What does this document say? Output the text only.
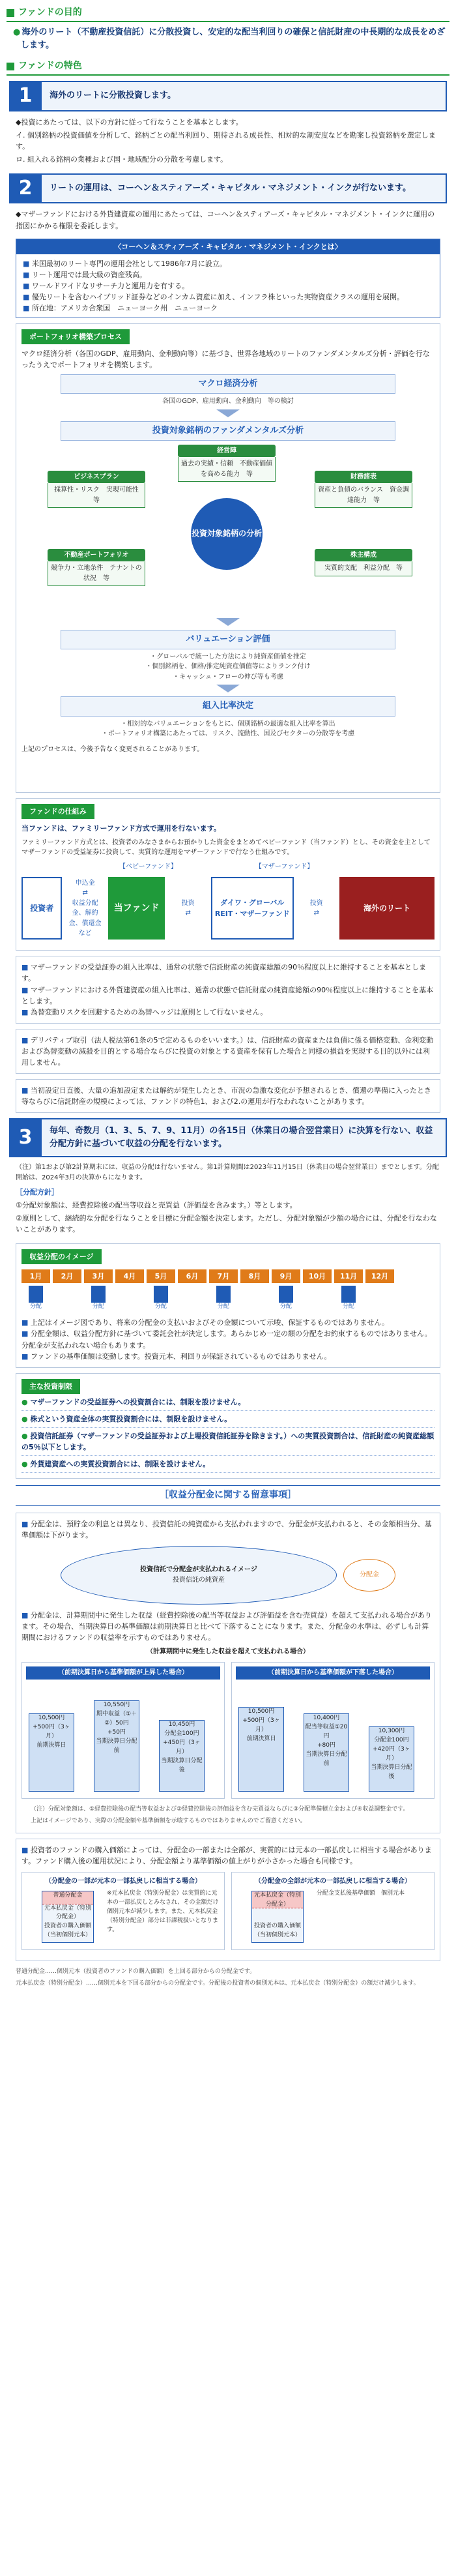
ファンドの目的
● 海外のリート（不動産投資信託）に分散投資し、安定的な配当利回りの確保と信託財産の中長期的な成長をめざします。
ファンドの特色
1	海外のリートに分散投資します。

◆投資にあたっては、以下の方針に従って行なうことを基本とします。

イ. 個別銘柄の投資価値を分析して、銘柄ごとの配当利回り、期待される成長性、相対的な割安度などを勘案し投資銘柄を選定します。

ロ. 組入れる銘柄の業種および国・地域配分の分散を考慮します。

2	リートの運用は、コーヘン＆スティアーズ・キャピタル・マネジメント・インクが行ないます。

◆マザーファンドにおける外貨建資産の運用にあたっては、コーヘン＆スティアーズ・キャピタル・マネジメント・インクに運用の指図にかかる権限を委託します。

〈コーヘン＆スティアーズ・キャピタル・マネジメント・インクとは〉

■ 米国最初のリート専門の運用会社として1986年7月に設立。

■ リート運用では最大級の資産残高。

■ ワールドワイドなリサーチ力と運用力を有する。

■ 優先リートを含むハイブリッド証券などのインカム資産に加え、インフラ株といった実物資産クラスの運用を展開。

■ 所在地：アメリカ合衆国　ニューヨーク州　ニューヨーク

ポートフォリオ構築プロセス

マクロ経済分析（各国のGDP、雇用動向、金利動向等）に基づき、世界各地域のリートのファンダメンタルズ分析・評価を行なったうえでポートフォリオを構築します。

マクロ経済分析
各国のGDP、雇用動向、金利動向　等の検討
投資対象銘柄のファンダメンタルズ分析
投資対象銘柄の分析
経営陣
過去の実績・信頼　不動産価値を高める能力　等
ビジネスプラン
採算性・リスク　実現可能性　等
財務諸表
資産と負債のバランス　資金調達能力　等
不動産ポートフォリオ
競争力・立地条件　テナントの状況　等
株主構成
実質的支配　利益分配　等
バリュエーション評価
・グローバルで統一した方法により純資産価値を推定
・個別銘柄を、価格/推定純資産価値等によりランク付け
・キャッシュ・フローの伸び等も考慮
組入比率決定
・相対的なバリュエーションをもとに、個別銘柄の最適な組入比率を算出
・ポートフォリオ構築にあたっては、リスク、流動性、国及びセクターの分散等を考慮

上記のプロセスは、今後予告なく変更されることがあります。

ファンドの仕組み

当ファンドは、ファミリーファンド方式で運用を行ないます。

ファミリーファンド方式とは、投資者のみなさまからお預かりした資金をまとめてベビーファンド（当ファンド）とし、その資金を主としてマザーファンドの受益証券に投資して、実質的な運用をマザーファンドで行なう仕組みです。

【ベビーファンド】	【マザーファンド】
投資者
申込金
⇄
収益分配金、解約金、償還金 など
当ファンド	投資
⇄
ダイワ・グローバルREIT・マザーファンド
投資
⇄
海外のリート

■ マザーファンドの受益証券の組入比率は、通常の状態で信託財産の純資産総額の90％程度以上に維持することを基本とします。

■ マザーファンドにおける外貨建資産の組入比率は、通常の状態で信託財産の純資産総額の90％程度以上に維持することを基本とします。

■ 為替変動リスクを回避するための為替ヘッジは原則として行ないません。

■ デリバティブ取引（法人税法第61条の5で定めるものをいいます。）は、信託財産の資産または負債に係る価格変動、金利変動および為替変動の減殺を目的とする場合ならびに投資の対象とする資産を保有した場合と同様の損益を実現する目的以外には利用しません。

■ 当初設定日直後、大量の追加設定または解約が発生したとき、市況の急激な変化が予想されるとき、償還の準備に入ったとき等ならびに信託財産の規模によっては、ファンドの特色1、および2.の運用が行なわれないことがあります。

3	毎年、奇数月（1、3、5、7、9、11月）の各15日（休業日の場合翌営業日）に決算を行ない、収益分配方針に基づいて収益の分配を行ないます。

（注）第1および第2計算期末には、収益の分配は行ないません。第1計算期間は2023年11月15日（休業日の場合翌営業日）までとします。分配開始は、2024年3月の決算からになります。

［分配方針］

①分配対象額は、経費控除後の配当等収益と売買益（評価益を含みます。）等とします。

②原則として、継続的な分配を行なうことを目標に分配金額を決定します。ただし、分配対象額が少額の場合には、分配を行なわないことがあります。

収益分配のイメージ
1月
分配
2月	3月
分配
4月	5月
分配
6月	7月
分配
8月	9月
分配
10月	11月
分配
12月

■ 上記はイメージ図であり、将来の分配金の支払いおよびその金額について示唆、保証するものではありません。

■ 分配金額は、収益分配方針に基づいて委託会社が決定します。あらかじめ一定の額の分配をお約束するものではありません。分配金が支払われない場合もあります。

■ ファンドの基準価額は変動します。投資元本、利回りが保証されているものではありません。

主な投資制限
● マザーファンドの受益証券への投資割合には、制限を設けません。
● 株式という資産全体の実質投資割合には、制限を設けません。
● 投資信託証券（マザーファンドの受益証券および上場投資信託証券を除きます。）への実質投資割合は、信託財産の純資産総額の5％以下とします。
● 外貨建資産への実質投資割合には、制限を設けません。
［収益分配金に関する留意事項］

■ 分配金は、預貯金の利息とは異なり、投資信託の純資産から支払われますので、分配金が支払われると、その金額相当分、基準価額は下がります。

投資信託で分配金が支払われるイメージ
投資信託の純資産
分配金

■ 分配金は、計算期間中に発生した収益（経費控除後の配当等収益および評価益を含む売買益）を超えて支払われる場合があります。その場合、当期決算日の基準価額は前期決算日と比べて下落することになります。また、分配金の水準は、必ずしも計算期間におけるファンドの収益率を示すものではありません。

（計算期間中に発生した収益を超えて支払われる場合）
（前期決算日から基準価額が上昇した場合）
10,500円
+500円（3ヶ月）
前期決算日
10,550円
期中収益（①＋②）50円
+50円
当期決算日分配前
10,450円
分配金100円
+450円（3ヶ月）
当期決算日分配後
（前期決算日から基準価額が下落した場合）
10,500円
+500円（3ヶ月）
前期決算日
10,400円
配当等収益①20円
+80円
当期決算日分配前
10,300円
分配金100円
+420円（3ヶ月）
当期決算日分配後
（注）分配対象額は、①経費控除後の配当等収益および②経費控除後の評価益を含む売買益ならびに③分配準備積立金および④収益調整金です。
上記はイメージであり、実際の分配金額や基準価額を示唆するものではありませんのでご留意ください。

■ 投資者のファンドの購入価額によっては、分配金の一部または全部が、実質的には元本の一部払戻しに相当する場合があります。ファンド購入後の運用状況により、分配金額より基準価額の値上がりが小さかった場合も同様です。

（分配金の一部が元本の一部払戻しに相当する場合）
普通分配金
元本払戻金（特別分配金）
投資者の購入価額（当初個別元本）
※元本払戻金（特別分配金）は実質的に元本の一部払戻しとみなされ、その金額だけ個別元本が減少します。また、元本払戻金（特別分配金）部分は非課税扱いとなります。
（分配金の全部が元本の一部払戻しに相当する場合）
元本払戻金（特別分配金）
投資者の購入価額（当初個別元本）
分配金支払後基準価額　個別元本
普通分配金……個別元本（投資者のファンドの購入価額）を上回る部分からの分配金です。
元本払戻金（特別分配金）……個別元本を下回る部分からの分配金です。分配後の投資者の個別元本は、元本払戻金（特別分配金）の額だけ減少します。
